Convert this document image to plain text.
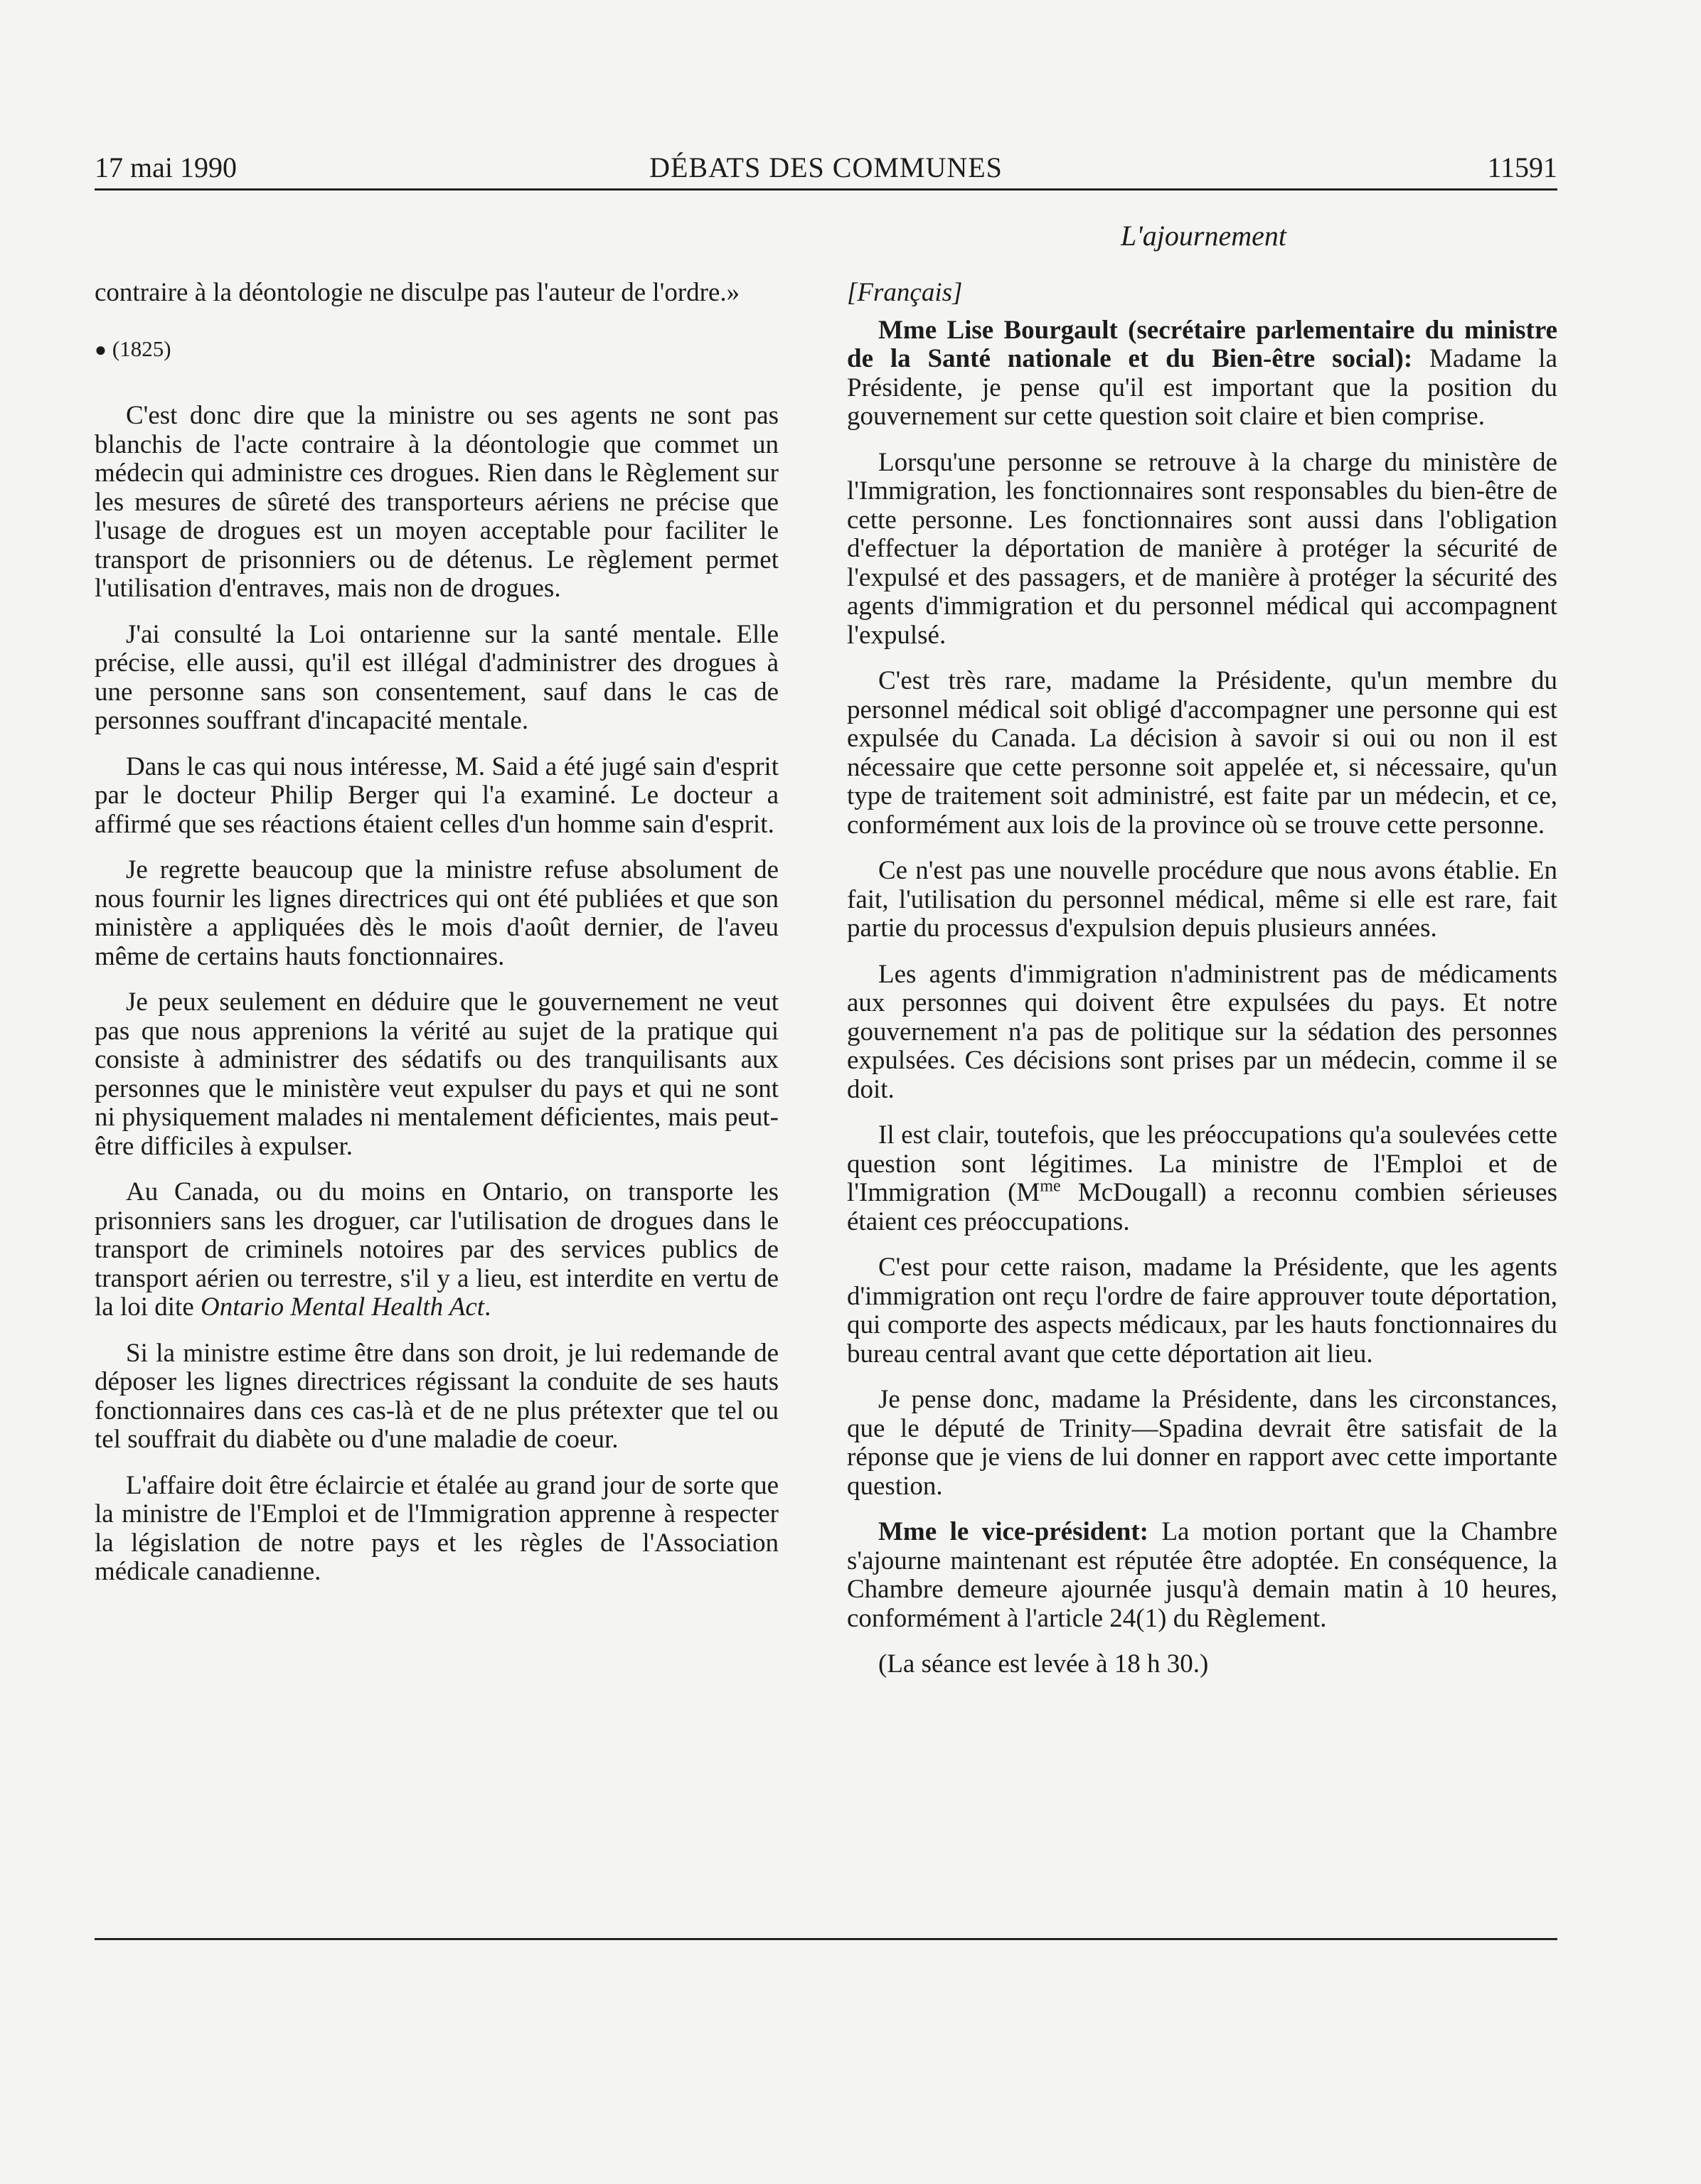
17 mai 1990	DÉBATS DES COMMUNES	11591
L'ajournement

contraire à la déontologie ne disculpe pas l'auteur de l'ordre.»

● (1825)

C'est donc dire que la ministre ou ses agents ne sont pas blanchis de l'acte contraire à la déontologie que commet un médecin qui administre ces drogues. Rien dans le Règlement sur les mesures de sûreté des transporteurs aériens ne précise que l'usage de drogues est un moyen acceptable pour faciliter le transport de prisonniers ou de détenus. Le règlement permet l'utilisation d'entraves, mais non de drogues.

J'ai consulté la Loi ontarienne sur la santé mentale. Elle précise, elle aussi, qu'il est illégal d'administrer des drogues à une personne sans son consentement, sauf dans le cas de personnes souffrant d'incapacité mentale.

Dans le cas qui nous intéresse, M. Said a été jugé sain d'esprit par le docteur Philip Berger qui l'a examiné. Le docteur a affirmé que ses réactions étaient celles d'un homme sain d'esprit.

Je regrette beaucoup que la ministre refuse absolument de nous fournir les lignes directrices qui ont été publiées et que son ministère a appliquées dès le mois d'août dernier, de l'aveu même de certains hauts fonctionnaires.

Je peux seulement en déduire que le gouvernement ne veut pas que nous apprenions la vérité au sujet de la pratique qui consiste à administrer des sédatifs ou des tranquilisants aux personnes que le ministère veut expulser du pays et qui ne sont ni physiquement malades ni mentalement déficientes, mais peut-être difficiles à expulser.

Au Canada, ou du moins en Ontario, on transporte les prisonniers sans les droguer, car l'utilisation de drogues dans le transport de criminels notoires par des services publics de transport aérien ou terrestre, s'il y a lieu, est interdite en vertu de la loi dite Ontario Mental Health Act.

Si la ministre estime être dans son droit, je lui redemande de déposer les lignes directrices régissant la conduite de ses hauts fonctionnaires dans ces cas-là et de ne plus prétexter que tel ou tel souffrait du diabète ou d'une maladie de coeur.

L'affaire doit être éclaircie et étalée au grand jour de sorte que la ministre de l'Emploi et de l'Immigration apprenne à respecter la législation de notre pays et les règles de l'Association médicale canadienne.

[Français]

Mme Lise Bourgault (secrétaire parlementaire du ministre de la Santé nationale et du Bien-être social): Madame la Présidente, je pense qu'il est important que la position du gouvernement sur cette question soit claire et bien comprise.

Lorsqu'une personne se retrouve à la charge du ministère de l'Immigration, les fonctionnaires sont responsables du bien-être de cette personne. Les fonctionnaires sont aussi dans l'obligation d'effectuer la déportation de manière à protéger la sécurité de l'expulsé et des passagers, et de manière à protéger la sécurité des agents d'immigration et du personnel médical qui accompagnent l'expulsé.

C'est très rare, madame la Présidente, qu'un membre du personnel médical soit obligé d'accompagner une personne qui est expulsée du Canada. La décision à savoir si oui ou non il est nécessaire que cette personne soit appelée et, si nécessaire, qu'un type de traitement soit administré, est faite par un médecin, et ce, conformément aux lois de la province où se trouve cette personne.

Ce n'est pas une nouvelle procédure que nous avons établie. En fait, l'utilisation du personnel médical, même si elle est rare, fait partie du processus d'expulsion depuis plusieurs années.

Les agents d'immigration n'administrent pas de médicaments aux personnes qui doivent être expulsées du pays. Et notre gouvernement n'a pas de politique sur la sédation des personnes expulsées. Ces décisions sont prises par un médecin, comme il se doit.

Il est clair, toutefois, que les préoccupations qu'a soulevées cette question sont légitimes. La ministre de l'Emploi et de l'Immigration ($M^{me}$ McDougall) a reconnu combien sérieuses étaient ces préoccupations.

C'est pour cette raison, madame la Présidente, que les agents d'immigration ont reçu l'ordre de faire approuver toute déportation, qui comporte des aspects médicaux, par les hauts fonctionnaires du bureau central avant que cette déportation ait lieu.

Je pense donc, madame la Présidente, dans les circonstances, que le député de Trinity—Spadina devrait être satisfait de la réponse que je viens de lui donner en rapport avec cette importante question.

Mme le vice-président: La motion portant que la Chambre s'ajourne maintenant est réputée être adoptée. En conséquence, la Chambre demeure ajournée jusqu'à demain matin à 10 heures, conformément à l'article 24(1) du Règlement.

(La séance est levée à 18 h 30.)
